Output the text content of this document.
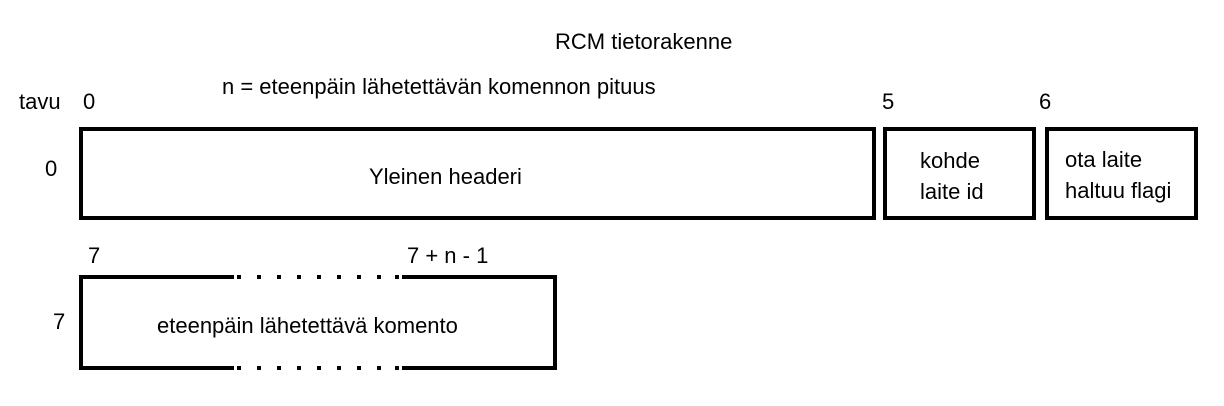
RCM tietorakenne
n = eteenpäin lähetettävän komennon pituus
tavu 0	5	6
0
7
Yleinen headeri
kohde
laite id
ota laite
haltuu flagi
7	7 + n - 1
eteenpäin lähetettävä komento
